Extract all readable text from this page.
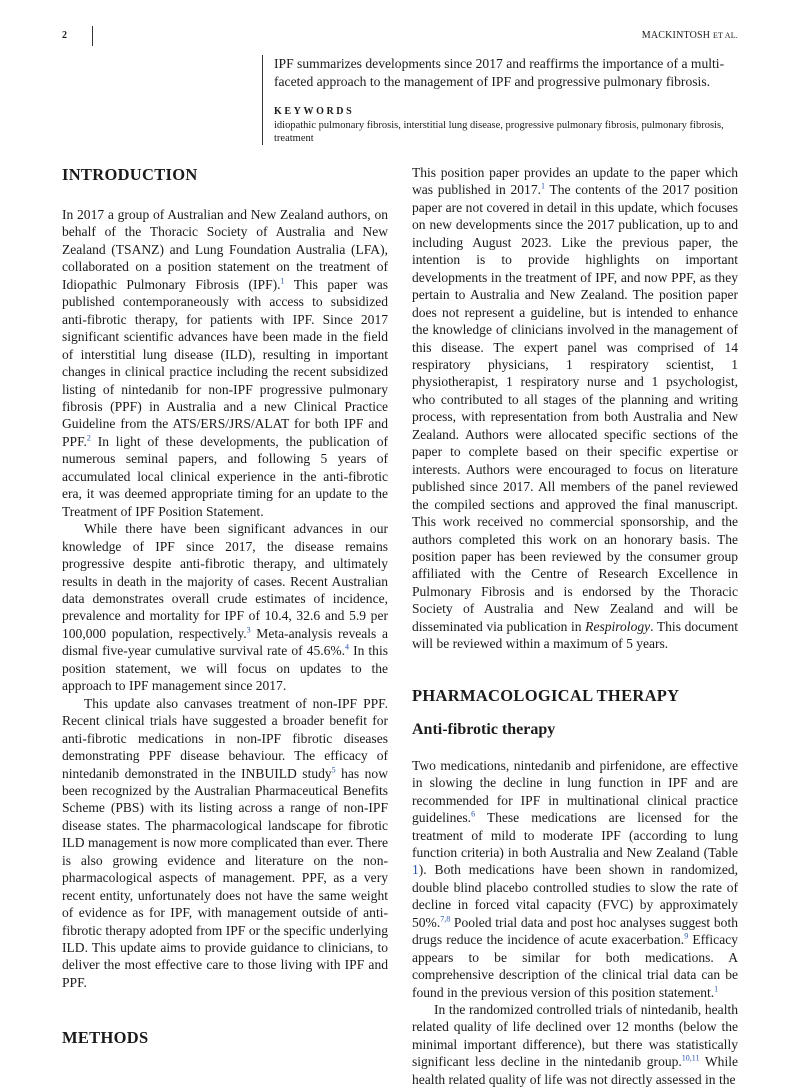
2	MACKINTOSH ET AL.

IPF summarizes developments since 2017 and reaffirms the importance of a multi-faceted approach to the management of IPF and progressive pulmonary fibrosis.

KEYWORDS

idiopathic pulmonary fibrosis, interstitial lung disease, progressive pulmonary fibrosis, pulmonary fibrosis, treatment

INTRODUCTION

In 2017 a group of Australian and New Zealand authors, on behalf of the Thoracic Society of Australia and New Zealand (TSANZ) and Lung Foundation Australia (LFA), collaborated on a position statement on the treatment of Idiopathic Pulmonary Fibrosis (IPF).$^1$ This paper was published contemporaneously with access to subsidized anti-fibrotic therapy, for patients with IPF. Since 2017 significant scientific advances have been made in the field of interstitial lung disease (ILD), resulting in important changes in clinical practice including the recent subsidized listing of nintedanib for non-IPF progressive pulmonary fibrosis (PPF) in Australia and a new Clinical Practice Guideline from the ATS/ERS/JRS/ALAT for both IPF and PPF.$^2$ In light of these developments, the publication of numerous seminal papers, and following 5 years of accumulated local clinical experience in the anti-fibrotic era, it was deemed appropriate timing for an update to the Treatment of IPF Position Statement.

While there have been significant advances in our knowledge of IPF since 2017, the disease remains progressive despite anti-fibrotic therapy, and ultimately results in death in the majority of cases. Recent Australian data demonstrates overall crude estimates of incidence, prevalence and mortality for IPF of 10.4, 32.6 and 5.9 per 100,000 population, respectively.$^3$ Meta-analysis reveals a dismal five-year cumulative survival rate of 45.6%.$^4$ In this position statement, we will focus on updates to the approach to IPF management since 2017.

This update also canvases treatment of non-IPF PPF. Recent clinical trials have suggested a broader benefit for anti-fibrotic medications in non-IPF fibrotic diseases demonstrating PPF disease behaviour. The efficacy of nintedanib demonstrated in the INBUILD study$^5$ has now been recognized by the Australian Pharmaceutical Benefits Scheme (PBS) with its listing across a range of non-IPF disease states. The pharmacological landscape for fibrotic ILD management is now more complicated than ever. There is also growing evidence and literature on the non-pharmacological aspects of management. PPF, as a very recent entity, unfortunately does not have the same weight of evidence as for IPF, with management outside of anti-fibrotic therapy adopted from IPF or the specific underlying ILD. This update aims to provide guidance to clinicians, to deliver the most effective care to those living with IPF and PPF.

METHODS

This position paper provides an update to the paper which was published in 2017.$^1$ The contents of the 2017 position paper are not covered in detail in this update, which focuses on new developments since the 2017 publication, up to and including August 2023. Like the previous paper, the intention is to provide highlights on important developments in the treatment of IPF, and now PPF, as they pertain to Australia and New Zealand. The position paper does not represent a guideline, but is intended to enhance the knowledge of clinicians involved in the management of this disease. The expert panel was comprised of 14 respiratory physicians, 1 respiratory scientist, 1 physiotherapist, 1 respiratory nurse and 1 psychologist, who contributed to all stages of the planning and writing process, with representation from both Australia and New Zealand. Authors were allocated specific sections of the paper to complete based on their specific expertise or interests. Authors were encouraged to focus on literature published since 2017. All members of the panel reviewed the compiled sections and approved the final manuscript. This work received no commercial sponsorship, and the authors completed this work on an honorary basis. The position paper has been reviewed by the consumer group affiliated with the Centre of Research Excellence in Pulmonary Fibrosis and is endorsed by the Thoracic Society of Australia and New Zealand and will be disseminated via publication in Respirology. This document will be reviewed within a maximum of 5 years.

PHARMACOLOGICAL THERAPY
Anti-fibrotic therapy

Two medications, nintedanib and pirfenidone, are effective in slowing the decline in lung function in IPF and are recommended for IPF in multinational clinical practice guidelines.$^6$ These medications are licensed for the treatment of mild to moderate IPF (according to lung function criteria) in both Australia and New Zealand (Table 1). Both medications have been shown in randomized, double blind placebo controlled studies to slow the rate of decline in forced vital capacity (FVC) by approximately 50%.$^{7,8}$ Pooled trial data and post hoc analyses suggest both drugs reduce the incidence of acute exacerbation.$^9$ Efficacy appears to be similar for both medications. A comprehensive description of the clinical trial data can be found in the previous version of this position statement.$^1$

In the randomized controlled trials of nintedanib, health related quality of life declined over 12 months (below the minimal important difference), but there was statistically significant less decline in the nintedanib group.$^{10,11}$ While health related quality of life was not directly assessed in the
